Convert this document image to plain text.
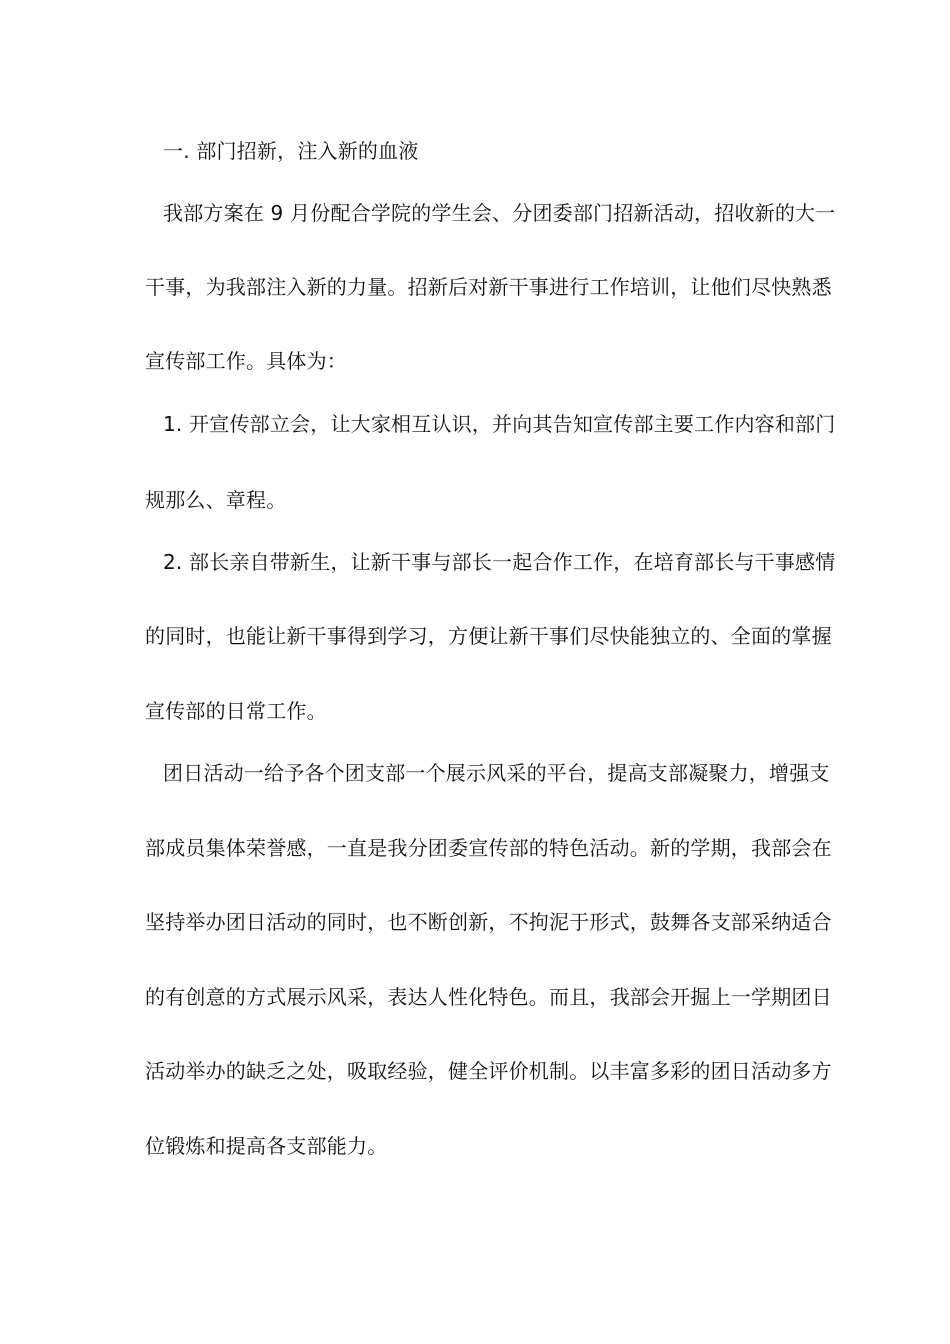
一. 部门招新，注入新的血液
我部方案在 9 月份配合学院的学生会、分团委部门招新活动，招收新的大一
干事，为我部注入新的力量。招新后对新干事进行工作培训，让他们尽快熟悉
宣传部工作。具体为：
1. 开宣传部立会，让大家相互认识，并向其告知宣传部主要工作内容和部门
规那么、章程。
2. 部长亲自带新生，让新干事与部长一起合作工作，在培育部长与干事感情
的同时，也能让新干事得到学习，方便让新干事们尽快能独立的、全面的掌握
宣传部的日常工作。
团日活动一给予各个团支部一个展示风采的平台，提高支部凝聚力，增强支
部成员集体荣誉感，一直是我分团委宣传部的特色活动。新的学期，我部会在
坚持举办团日活动的同时，也不断创新，不拘泥于形式，鼓舞各支部采纳适合
的有创意的方式展示风采，表达人性化特色。而且，我部会开掘上一学期团日
活动举办的缺乏之处，吸取经验，健全评价机制。以丰富多彩的团日活动多方
位锻炼和提高各支部能力。
